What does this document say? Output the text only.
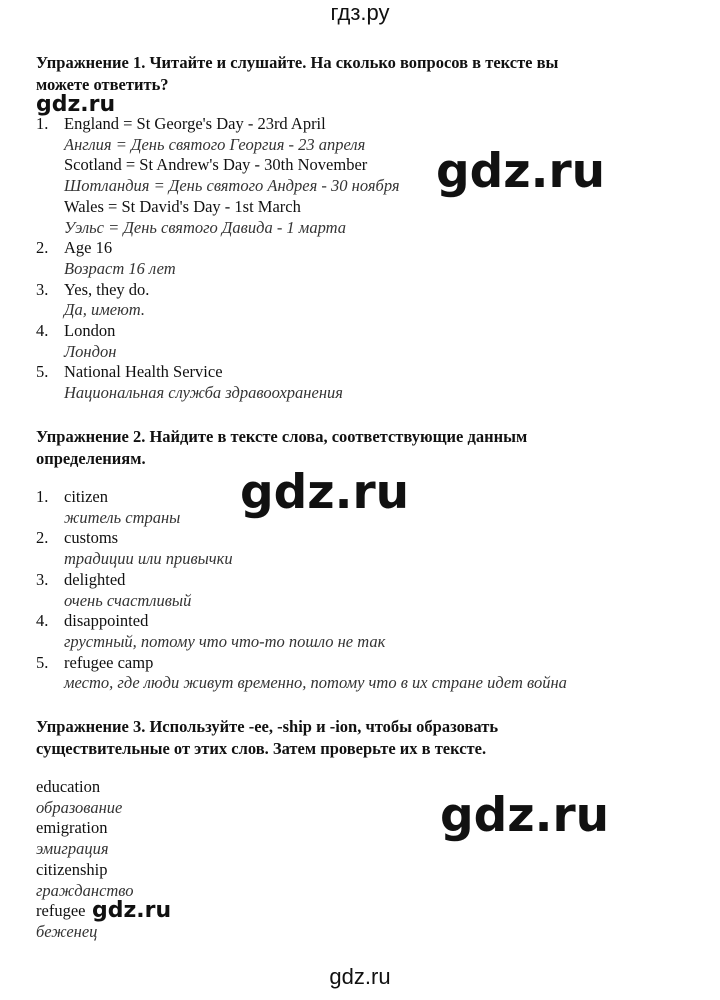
гдз.ру
Упражнение 1. Читайте и слушайте. На сколько вопросов в тексте вы
можете ответить?
gdz.ru
1. England = St George's Day - 23rd April
Англия = День святого Георгия - 23 апреля
Scotland = St Andrew's Day - 30th November
Шотландия = День святого Андрея - 30 ноября
Wales = St David's Day - 1st March
Уэльс = День святого Давида - 1 марта
2. Age 16
Возраст 16 лет
3. Yes, they do.
Да, имеют.
4. London
Лондон
5. National Health Service
Национальная служба здравоохранения
gdz.ru
Упражнение 2. Найдите в тексте слова, соответствующие данным
определениям.
gdz.ru
1. citizen
житель страны
2. customs
традиции или привычки
3. delighted
очень счастливый
4. disappointed
грустный, потому что что-то пошло не так
5. refugee camp
место, где люди живут временно, потому что в их стране идет война
Упражнение 3. Используйте -ee, -ship и -ion, чтобы образовать
существительные от этих слов. Затем проверьте их в тексте.
education
образование
emigration
эмиграция
citizenship
гражданство
refugee
беженец
gdz.ru
gdz.ru
gdz.ru
